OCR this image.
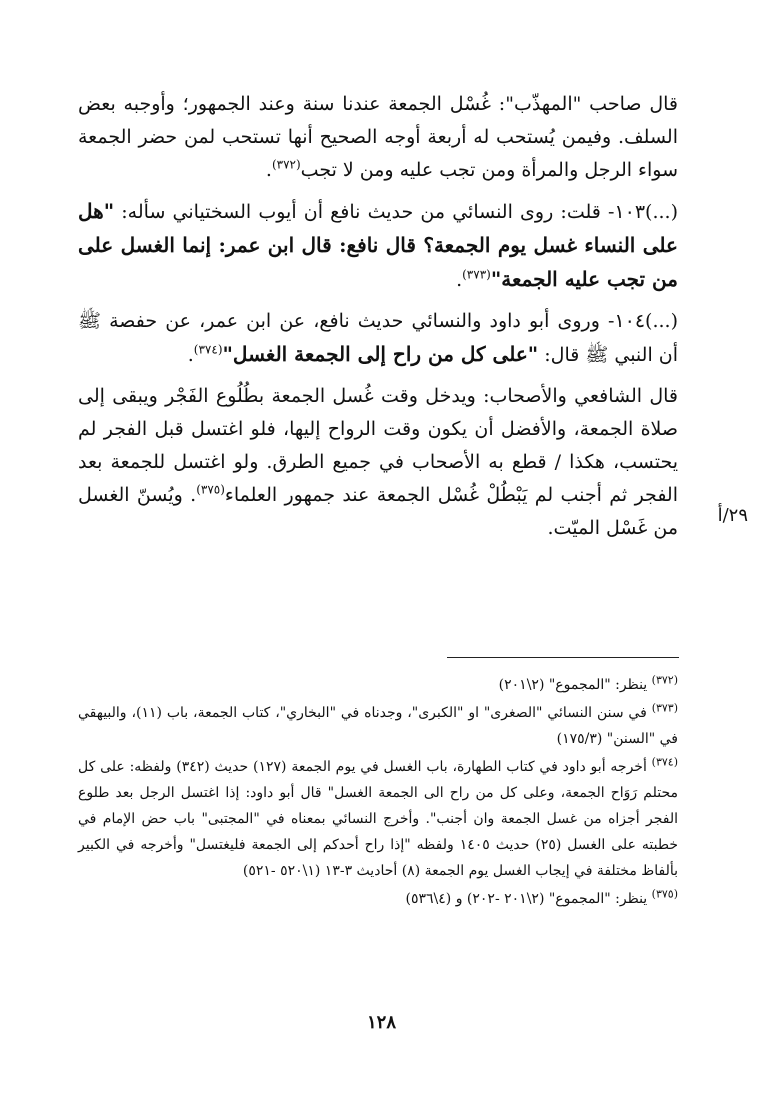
قال صاحب "المهذّب": غُسْل الجمعة عندنا سنة وعند الجمهور؛ وأوجبه بعض السلف. وفيمن يُستحب له أربعة أوجه الصحيح أنها تستحب لمن حضر الجمعة سواء الرجل والمرأة ومن تجب عليه ومن لا تجب$^{(٣٧٢)}$.

(...)١٠٣- قلت: روى النسائي من حديث نافع أن أيوب السختياني سأله: "هل على النساء غسل يوم الجمعة؟ قال نافع: قال ابن عمر: إنما الغسل على من تجب عليه الجمعة"$^{(٣٧٣)}$.

(...)١٠٤- وروى أبو داود والنسائي حديث نافع، عن ابن عمر، عن حفصة ﷺ أن النبي ﷺ قال: "على كل من راح إلى الجمعة الغسل"$^{(٣٧٤)}$.

قال الشافعي والأصحاب: ويدخل وقت غُسل الجمعة بطُلُوع الفَجْر ويبقى إلى صلاة الجمعة، والأفضل أن يكون وقت الرواح إليها، فلو اغتسل قبل الفجر لم يحتسب، هكذا / قطع به الأصحاب في جميع الطرق. ولو اغتسل للجمعة بعد الفجر ثم أجنب لم يَبْطُلْ غُسْل الجمعة عند جمهور العلماء$^{(٣٧٥)}$. ويُسنّ الغسل من غَسْل الميّت.

٢٩/أ

$^{(٣٧٢)}$ ينظر: "المجموع" (٢\٢٠١)

$^{(٣٧٣)}$ في سنن النسائي "الصغرى" او "الكبرى"، وجدناه في "البخاري"، كتاب الجمعة، باب (١١)، والبيهقي في "السنن" (١٧٥/٣)

$^{(٣٧٤)}$ أخرجه أبو داود في كتاب الطهارة، باب الغسل في يوم الجمعة (١٢٧) حديث (٣٤٢) ولفظه: على كل محتلم رَوَاح الجمعة، وعلى كل من راح الى الجمعة الغسل" قال أبو داود: إذا اغتسل الرجل بعد طلوع الفجر أجزاه من غسل الجمعة وان أجنب". وأخرج النسائي بمعناه في "المجتبى" باب حض الإمام في خطبته على الغسل (٢٥) حديث ١٤٠٥ ولفظه "إذا راح أحدكم إلى الجمعة فليغتسل" وأخرجه في الكبير بألفاظ مختلفة في إيجاب الغسل يوم الجمعة (٨) أحاديث ٣-١٣ (١\٥٢٠ -٥٢١)

$^{(٣٧٥)}$ ينظر: "المجموع" (٢\٢٠١ -٢٠٢) و (٤\٥٣٦)

١٢٨
